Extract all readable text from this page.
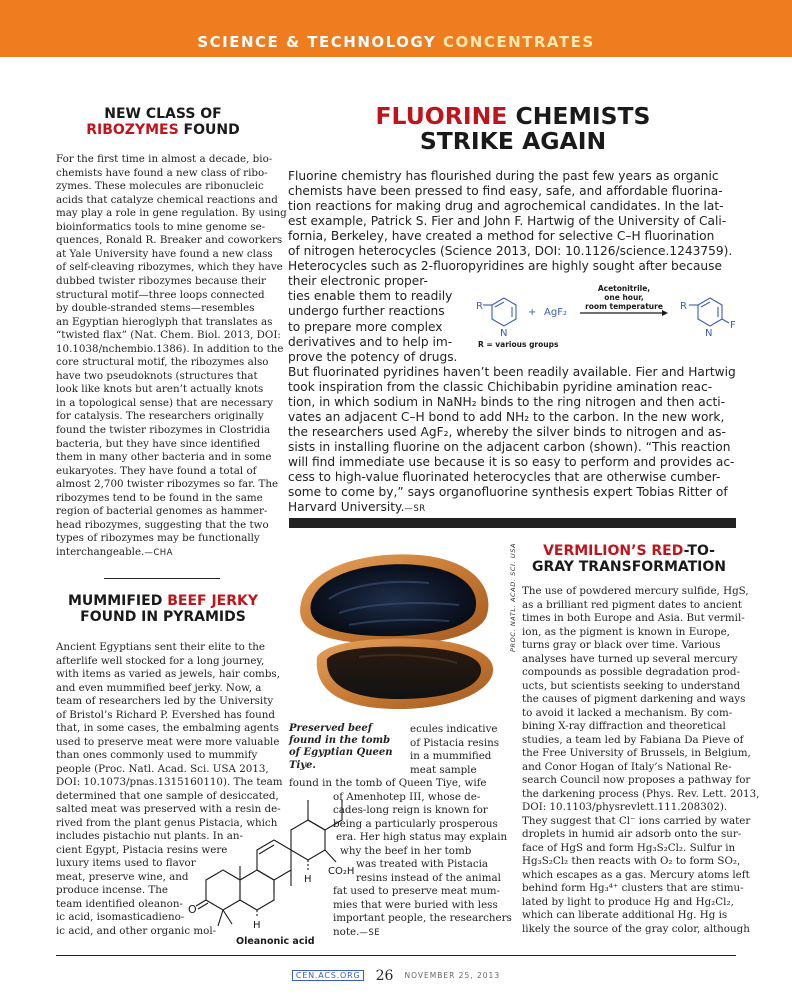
SCIENCE & TECHNOLOGY CONCENTRATES
NEW CLASS OF
RIBOZYMES FOUND
For the first time in almost a decade, bio-
chemists have found a new class of ribo-
zymes. These molecules are ribonucleic
acids that catalyze chemical reactions and
may play a role in gene regulation. By using
bioinformatics tools to mine genome se-
quences, Ronald R. Breaker and coworkers
at Yale University have found a new class
of self-cleaving ribozymes, which they have
dubbed twister ribozymes because their
structural motif—three loops connected
by double-stranded stems—resembles
an Egyptian hieroglyph that translates as
“twisted flax” (Nat. Chem. Biol. 2013, DOI:
10.1038/nchembio.1386). In addition to the
core structural motif, the ribozymes also
have two pseudoknots (structures that
look like knots but aren’t actually knots
in a topological sense) that are necessary
for catalysis. The researchers originally
found the twister ribozymes in Clostridia
bacteria, but they have since identified
them in many other bacteria and in some
eukaryotes. They have found a total of
almost 2,700 twister ribozymes so far. The
ribozymes tend to be found in the same
region of bacterial genomes as hammer-
head ribozymes, suggesting that the two
types of ribozymes may be functionally
interchangeable.—CHA
MUMMIFIED BEEF JERKY
FOUND IN PYRAMIDS
Ancient Egyptians sent their elite to the
afterlife well stocked for a long journey,
with items as varied as jewels, hair combs,
and even mummified beef jerky. Now, a
team of researchers led by the University
of Bristol’s Richard P. Evershed has found
that, in some cases, the embalming agents
used to preserve meat were more valuable
than ones commonly used to mummify
people (Proc. Natl. Acad. Sci. USA 2013,
DOI: 10.1073/pnas.1315160110). The team
determined that one sample of desiccated,
salted meat was preserved with a resin de-
rived from the plant genus Pistacia, which
includes pistachio nut plants. In an-
cient Egypt, Pistacia resins were
luxury items used to flavor
meat, preserve wine, and
produce incense. The
team identified oleanon-
ic acid, isomasticadieno-
ic acid, and other organic mol-
PROC. NATL. ACAD. SCI. USA
Preserved beef found in the tomb of Egyptian Queen Tiye.
ecules indicative
of Pistacia resins
in a mummified
meat sample
found in the tomb of Queen Tiye, wife
of Amenhotep III, whose de-
cades-long reign is known for
being a particularly prosperous
era. Her high status may explain
why the beef in her tomb
was treated with Pistacia
resins instead of the animal
fat used to preserve meat mum-
mies that were buried with less
important people, the researchers
note.—SE
O
H
H
CO₂H
Oleanonic acid
FLUORINE CHEMISTS
STRIKE AGAIN
Fluorine chemistry has flourished during the past few years as organic
chemists have been pressed to find easy, safe, and affordable fluorina-
tion reactions for making drug and agrochemical candidates. In the lat-
est example, Patrick S. Fier and John F. Hartwig of the University of Cali-
fornia, Berkeley, have created a method for selective C–H fluorination
of nitrogen heterocycles (Science 2013, DOI: 10.1126/science.1243759).
Heterocycles such as 2-fluoropyridines are highly sought after because
their electronic proper-
ties enable them to readily
undergo further reactions
to prepare more complex
derivatives and to help im-
prove the potency of drugs.
But fluorinated pyridines haven’t been readily available. Fier and Hartwig
took inspiration from the classic Chichibabin pyridine amination reac-
tion, in which sodium in NaNH₂ binds to the ring nitrogen and then acti-
vates an adjacent C–H bond to add NH₂ to the carbon. In the new work,
the researchers used AgF₂, whereby the silver binds to nitrogen and as-
sists in installing fluorine on the adjacent carbon (shown). “This reaction
will find immediate use because it is so easy to perform and provides ac-
cess to high-value fluorinated heterocycles that are otherwise cumber-
some to come by,” says organofluorine synthesis expert Tobias Ritter of
Harvard University.—SR
R
N
+ AgF₂
Acetonitrile,
one hour,
room temperature R
N
F
R = various groups
VERMILION’S RED-TO-
GRAY TRANSFORMATION
The use of powdered mercury sulfide, HgS,
as a brilliant red pigment dates to ancient
times in both Europe and Asia. But vermil-
ion, as the pigment is known in Europe,
turns gray or black over time. Various
analyses have turned up several mercury
compounds as possible degradation prod-
ucts, but scientists seeking to understand
the causes of pigment darkening and ways
to avoid it lacked a mechanism. By com-
bining X-ray diffraction and theoretical
studies, a team led by Fabiana Da Pieve of
the Free University of Brussels, in Belgium,
and Conor Hogan of Italy’s National Re-
search Council now proposes a pathway for
the darkening process (Phys. Rev. Lett. 2013,
DOI: 10.1103/physrevlett.111.208302).
They suggest that Cl⁻ ions carried by water
droplets in humid air adsorb onto the sur-
face of HgS and form Hg₃S₂Cl₂. Sulfur in
Hg₃S₂Cl₂ then reacts with O₂ to form SO₂,
which escapes as a gas. Mercury atoms left
behind form Hg₃⁴⁺ clusters that are stimu-
lated by light to produce Hg and Hg₂Cl₂,
which can liberate additional Hg. Hg is
likely the source of the gray color, although
CEN.ACS.ORG 26 NOVEMBER 25, 2013
